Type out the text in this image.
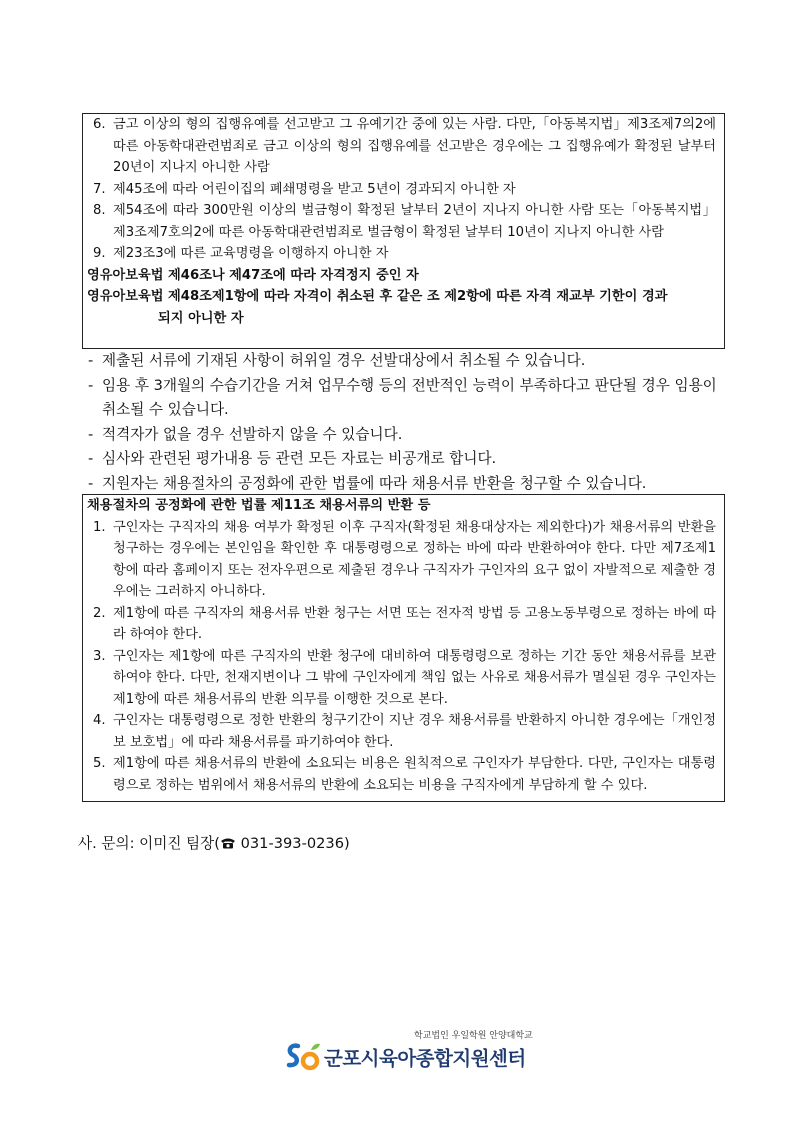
6. 금고 이상의 형의 집행유예를 선고받고 그 유예기간 중에 있는 사람. 다만,「아동복지법」제3조제7의2에 따른 아동학대관련범죄로 금고 이상의 형의 집행유예를 선고받은 경우에는 그 집행유예가 확정된 날부터 20년이 지나지 아니한 사람
7. 제45조에 따라 어린이집의 폐쇄명령을 받고 5년이 경과되지 아니한 자
8. 제54조에 따라 300만원 이상의 벌금형이 확정된 날부터 2년이 지나지 아니한 사람 또는「아동복지법」제3조제7호의2에 따른 아동학대관련범죄로 벌금형이 확정된 날부터 10년이 지나지 아니한 사람
9. 제23조3에 따른 교육명령을 이행하지 아니한 자
영유아보육법 제46조나 제47조에 따라 자격정지 중인 자
영유아보육법 제48조제1항에 따라 자격이 취소된 후 같은 조 제2항에 따른 자격 재교부 기한이 경과
되지 아니한 자
- 제출된 서류에 기재된 사항이 허위일 경우 선발대상에서 취소될 수 있습니다.
- 임용 후 3개월의 수습기간을 거쳐 업무수행 등의 전반적인 능력이 부족하다고 판단될 경우 임용이 취소될 수 있습니다.
- 적격자가 없을 경우 선발하지 않을 수 있습니다.
- 심사와 관련된 평가내용 등 관련 모든 자료는 비공개로 합니다.
- 지원자는 채용절차의 공정화에 관한 법률에 따라 채용서류 반환을 청구할 수 있습니다.
채용절차의 공정화에 관한 법률 제11조 채용서류의 반환 등
1. 구인자는 구직자의 채용 여부가 확정된 이후 구직자(확정된 채용대상자는 제외한다)가 채용서류의 반환을 청구하는 경우에는 본인임을 확인한 후 대통령령으로 정하는 바에 따라 반환하여야 한다. 다만 제7조제1항에 따라 홈페이지 또는 전자우편으로 제출된 경우나 구직자가 구인자의 요구 없이 자발적으로 제출한 경우에는 그러하지 아니하다.
2. 제1항에 따른 구직자의 채용서류 반환 청구는 서면 또는 전자적 방법 등 고용노동부령으로 정하는 바에 따라 하여야 한다.
3. 구인자는 제1항에 따른 구직자의 반환 청구에 대비하여 대통령령으로 정하는 기간 동안 채용서류를 보관하여야 한다. 다만, 천재지변이나 그 밖에 구인자에게 책임 없는 사유로 채용서류가 멸실된 경우 구인자는 제1항에 따른 채용서류의 반환 의무를 이행한 것으로 본다.
4. 구인자는 대통령령으로 정한 반환의 청구기간이 지난 경우 채용서류를 반환하지 아니한 경우에는「개인정보 보호법」에 따라 채용서류를 파기하여야 한다.
5. 제1항에 따른 채용서류의 반환에 소요되는 비용은 원칙적으로 구인자가 부담한다. 다만, 구인자는 대통령령으로 정하는 범위에서 채용서류의 반환에 소요되는 비용을 구직자에게 부담하게 할 수 있다.
사. 문의: 이미진 팀장( 031-393-0236)
학교법인 우일학원 안양대학교
군포시육아종합지원센터
